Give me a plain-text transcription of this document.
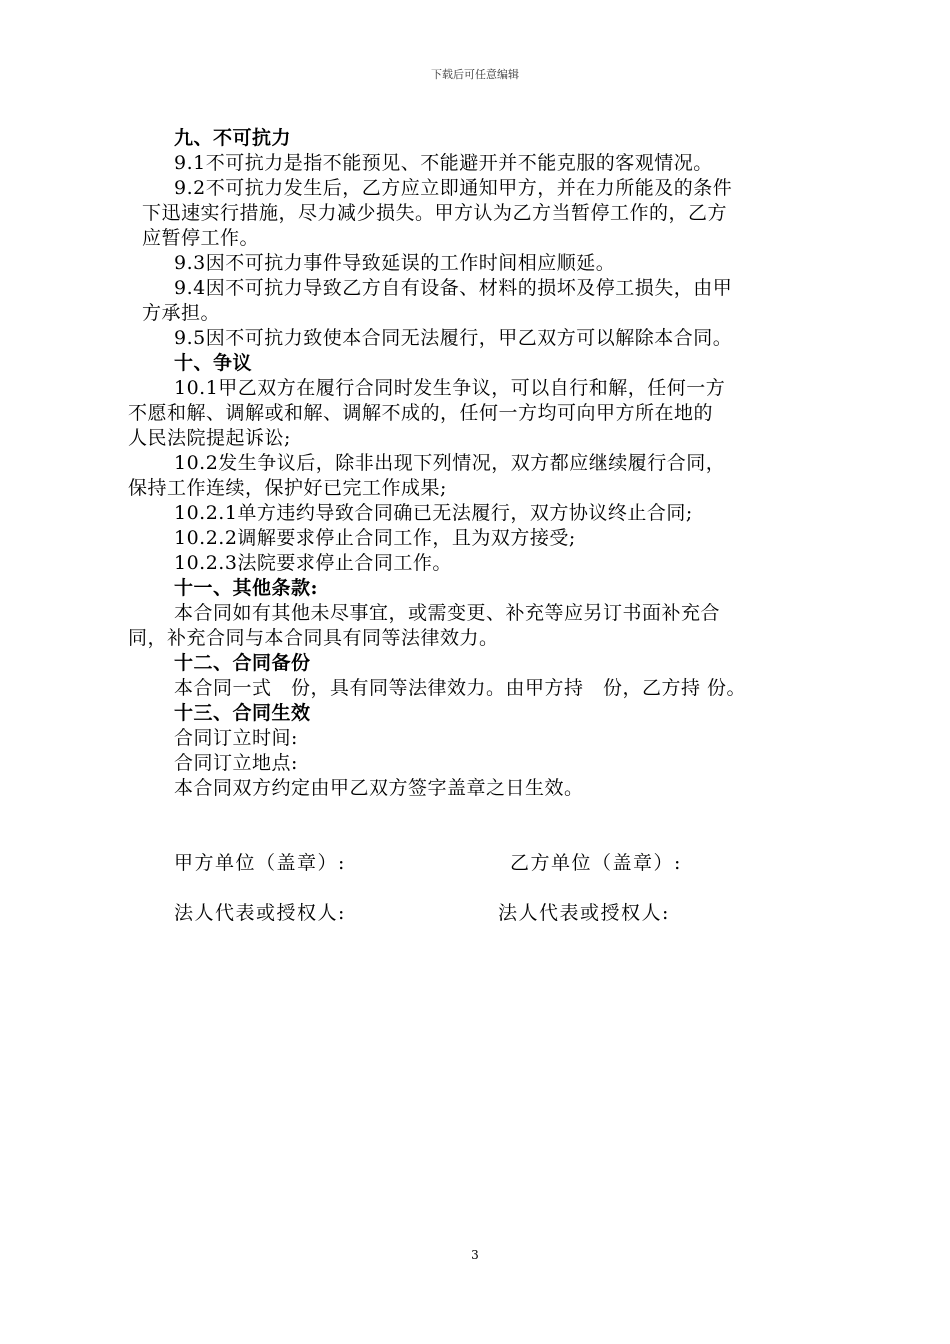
下载后可任意编辑
九、不可抗力
9.1不可抗力是指不能预见、不能避开并不能克服的客观情况。
9.2不可抗力发生后，乙方应立即通知甲方，并在力所能及的条件
下迅速实行措施，尽力减少损失。甲方认为乙方当暂停工作的，乙方
应暂停工作。
9.3因不可抗力事件导致延误的工作时间相应顺延。
9.4因不可抗力导致乙方自有设备、材料的损坏及停工损失，由甲
方承担。
9.5因不可抗力致使本合同无法履行，甲乙双方可以解除本合同。
十、争议
10.1甲乙双方在履行合同时发生争议，可以自行和解，任何一方
不愿和解、调解或和解、调解不成的，任何一方均可向甲方所在地的
人民法院提起诉讼;
10.2发生争议后，除非出现下列情况，双方都应继续履行合同，
保持工作连续，保护好已完工作成果;
10.2.1单方违约导致合同确已无法履行，双方协议终止合同;
10.2.2调解要求停止合同工作，且为双方接受;
10.2.3法院要求停止合同工作。
十一、其他条款:
本合同如有其他未尽事宜，或需变更、补充等应另订书面补充合
同，补充合同与本合同具有同等法律效力。
十二、合同备份
本合同一式　份，具有同等法律效力。由甲方持　份，乙方持 份。
十三、合同生效
合同订立时间:
合同订立地点:
本合同双方约定由甲乙双方签字盖章之日生效。
甲方单位（盖章）:	乙方单位（盖章）:
法人代表或授权人:	法人代表或授权人:
3
